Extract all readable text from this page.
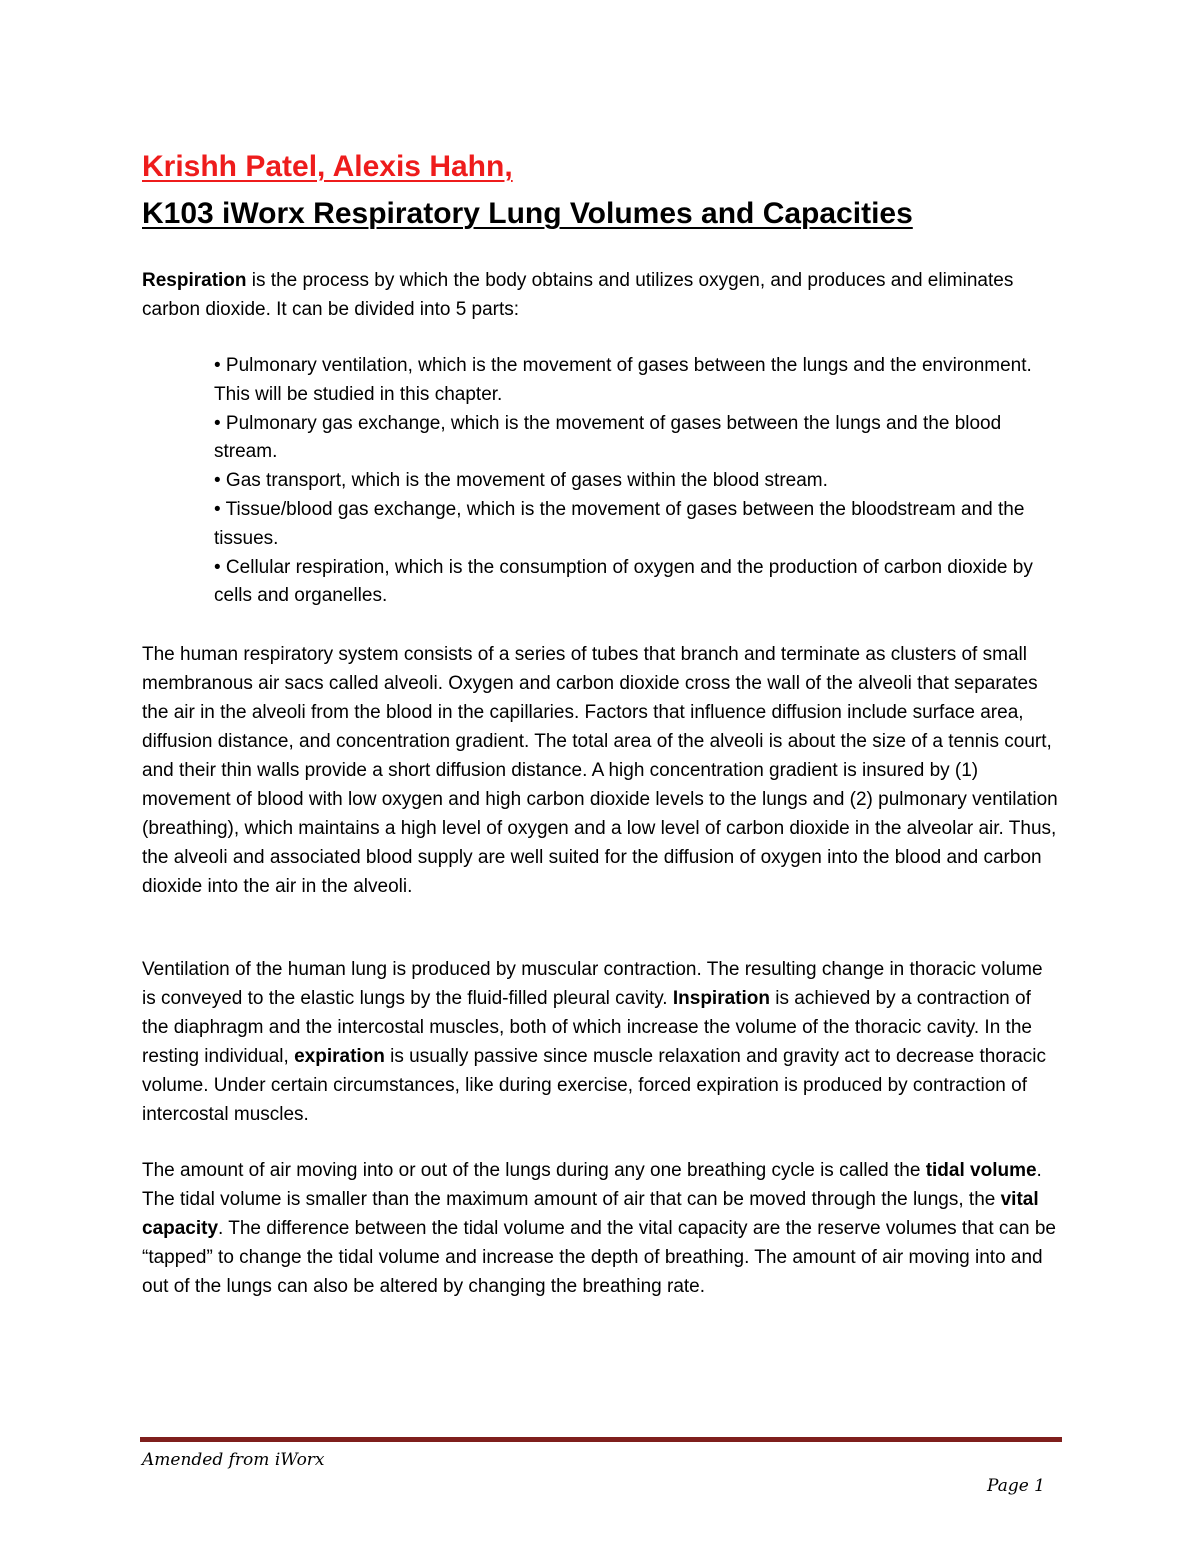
Krishh Patel, Alexis Hahn,
K103 iWorx Respiratory Lung Volumes and Capacities

Respiration is the process by which the body obtains and utilizes oxygen, and produces and eliminates carbon dioxide. It can be divided into 5 parts:

• Pulmonary ventilation, which is the movement of gases between the lungs and the environment. This will be studied in this chapter.
• Pulmonary gas exchange, which is the movement of gases between the lungs and the blood stream.
• Gas transport, which is the movement of gases within the blood stream.
• Tissue/blood gas exchange, which is the movement of gases between the bloodstream and the tissues.
• Cellular respiration, which is the consumption of oxygen and the production of carbon dioxide by cells and organelles.

The human respiratory system consists of a series of tubes that branch and terminate as clusters of small membranous air sacs called alveoli. Oxygen and carbon dioxide cross the wall of the alveoli that separates the air in the alveoli from the blood in the capillaries. Factors that influence diffusion include surface area, diffusion distance, and concentration gradient. The total area of the alveoli is about the size of a tennis court, and their thin walls provide a short diffusion distance. A high concentration gradient is insured by (1) movement of blood with low oxygen and high carbon dioxide levels to the lungs and (2) pulmonary ventilation (breathing), which maintains a high level of oxygen and a low level of carbon dioxide in the alveolar air. Thus, the alveoli and associated blood supply are well suited for the diffusion of oxygen into the blood and carbon dioxide into the air in the alveoli.

Ventilation of the human lung is produced by muscular contraction. The resulting change in thoracic volume is conveyed to the elastic lungs by the fluid-filled pleural cavity. Inspiration is achieved by a contraction of the diaphragm and the intercostal muscles, both of which increase the volume of the thoracic cavity. In the resting individual, expiration is usually passive since muscle relaxation and gravity act to decrease thoracic volume. Under certain circumstances, like during exercise, forced expiration is produced by contraction of intercostal muscles.

The amount of air moving into or out of the lungs during any one breathing cycle is called the tidal volume. The tidal volume is smaller than the maximum amount of air that can be moved through the lungs, the vital capacity. The difference between the tidal volume and the vital capacity are the reserve volumes that can be “tapped” to change the tidal volume and increase the depth of breathing. The amount of air moving into and out of the lungs can also be altered by changing the breathing rate.

Amended from iWorx
Page 1
